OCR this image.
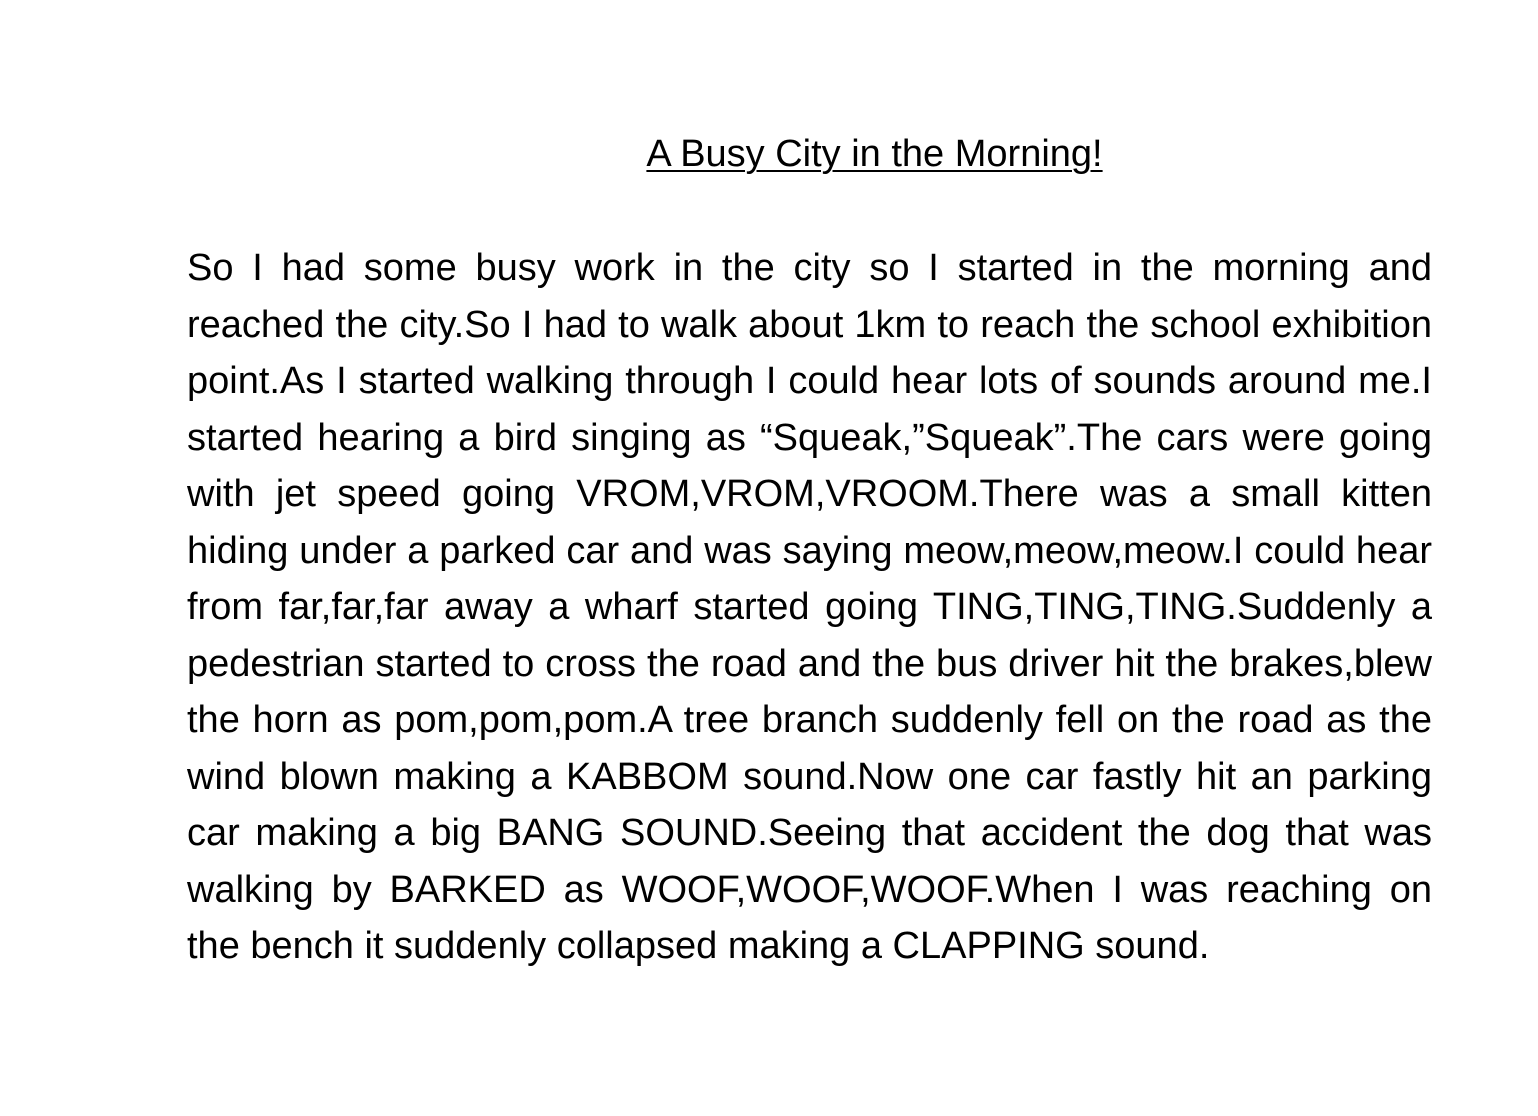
A Busy City in the Morning!

So I had some busy work in the city so I started in the morning and reached the city.So I had to walk about 1km to reach the school exhibition point.As I started walking through I could hear lots of sounds around me.I started hearing a bird singing as “Squeak,”Squeak”.The cars were going with jet speed going VROM,VROM,VROOM.There was a small kitten hiding under a parked car and was saying meow,meow,meow.I could hear from far,far,far away a wharf started going TING,TING,TING.Suddenly a pedestrian started to cross the road and the bus driver hit the brakes,blew the horn as pom,pom,pom.A tree branch suddenly fell on the road as the wind blown making a KABBOM sound.Now one car fastly hit an parking car making a big BANG SOUND.Seeing that accident the dog that was walking by BARKED as WOOF,WOOF,WOOF.When I was reaching on the bench it suddenly collapsed making a CLAPPING sound.
